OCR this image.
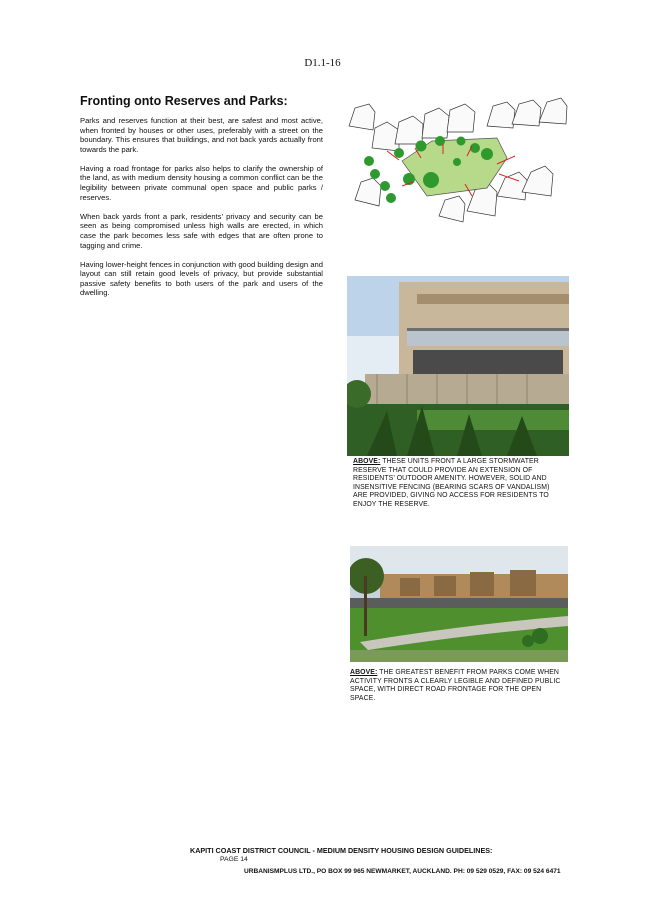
D1.1-16
Fronting onto Reserves and Parks:

Parks and reserves function at their best, are safest and most active, when fronted by houses or other uses, preferably with a street on the boundary. This ensures that buildings, and not back yards actually front towards the park.

Having a road frontage for parks also helps to clarify the ownership of the land, as with medium density housing a common conflict can be the legibility between private communal open space and public parks / reserves.

When back yards front a park, residents’ privacy and security can be seen as being compromised unless high walls are erected, in which case the park becomes less safe with edges that are often prone to tagging and crime.

Having lower-height fences in conjunction with good building design and layout can still retain good levels of privacy, but provide substantial passive safety benefits to both users of the park and users of the dwelling.

ABOVE: THESE UNITS FRONT A LARGE STORMWATER RESERVE THAT COULD PROVIDE AN EXTENSION OF RESIDENTS’ OUTDOOR AMENITY. HOWEVER, SOLID AND INSENSITIVE FENCING (BEARING SCARS OF VANDALISM) ARE PROVIDED, GIVING NO ACCESS FOR RESIDENTS TO ENJOY THE RESERVE.
ABOVE: THE GREATEST BENEFIT FROM PARKS COME WHEN ACTIVITY FRONTS A CLEARLY LEGIBLE AND DEFINED PUBLIC SPACE, WITH DIRECT ROAD FRONTAGE FOR THE OPEN SPACE.
KAPITI COAST DISTRICT COUNCIL - MEDIUM DENSITY HOUSING DESIGN GUIDELINES:
PAGE 14
URBANISMPLUS LTD., PO BOX 99 965 NEWMARKET, AUCKLAND. PH: 09 529 0529, FAX: 09 524 6471
